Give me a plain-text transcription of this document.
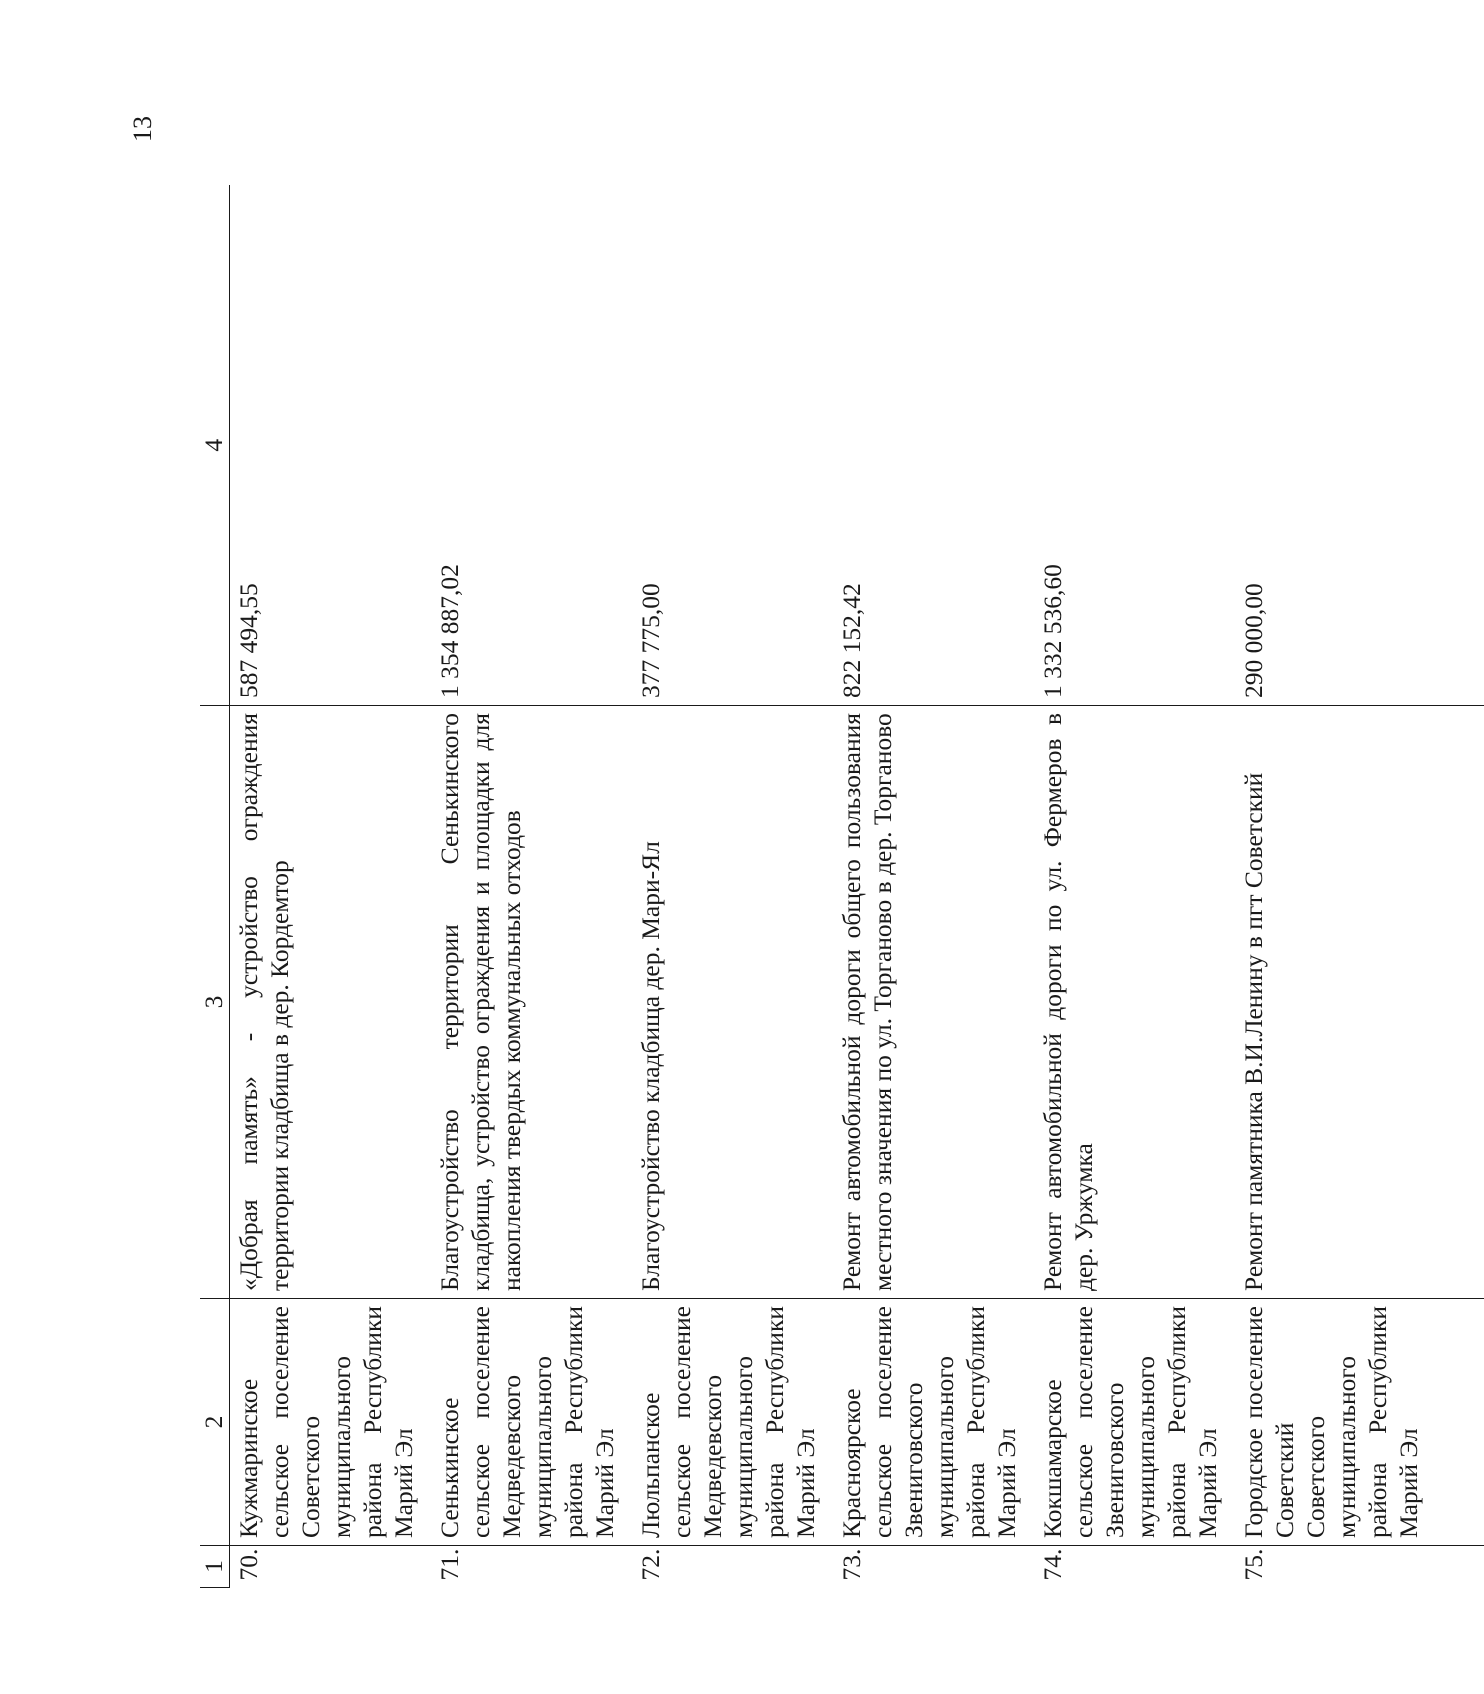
13
1	2	3	4
70.	Кужмаринское сельское поселение Советского муниципального района Республики Марий Эл	«Добрая память» - устройство ограждения территории кладбища в дер. Кордемтор	587 494,55
71.	Сенькинское сельское поселение Медведевского муниципального района Республики Марий Эл	Благоустройство территории Сенькинского кладбища, устройство ограждения и площадки для накопления твердых коммунальных отходов	1 354 887,02
72.	Люльпанское сельское поселение Медведевского муниципального района Республики Марий Эл	Благоустройство кладбища дер. Мари-Ял	377 775,00
73.	Красноярское сельское поселение Звениговского муниципального района Республики Марий Эл	Ремонт автомобильной дороги общего пользования местного значения по ул. Торганово в дер. Торганово	822 152,42
74.	Кокшамарское сельское поселение Звениговского муниципального района Республики Марий Эл	Ремонт автомобильной дороги по ул. Фермеров в дер. Уржумка	1 332 536,60
75.	Городское поселение Советский Советского муниципального района Республики Марий Эл	Ремонт памятника В.И.Ленину в пгт Советский	290 000,00
